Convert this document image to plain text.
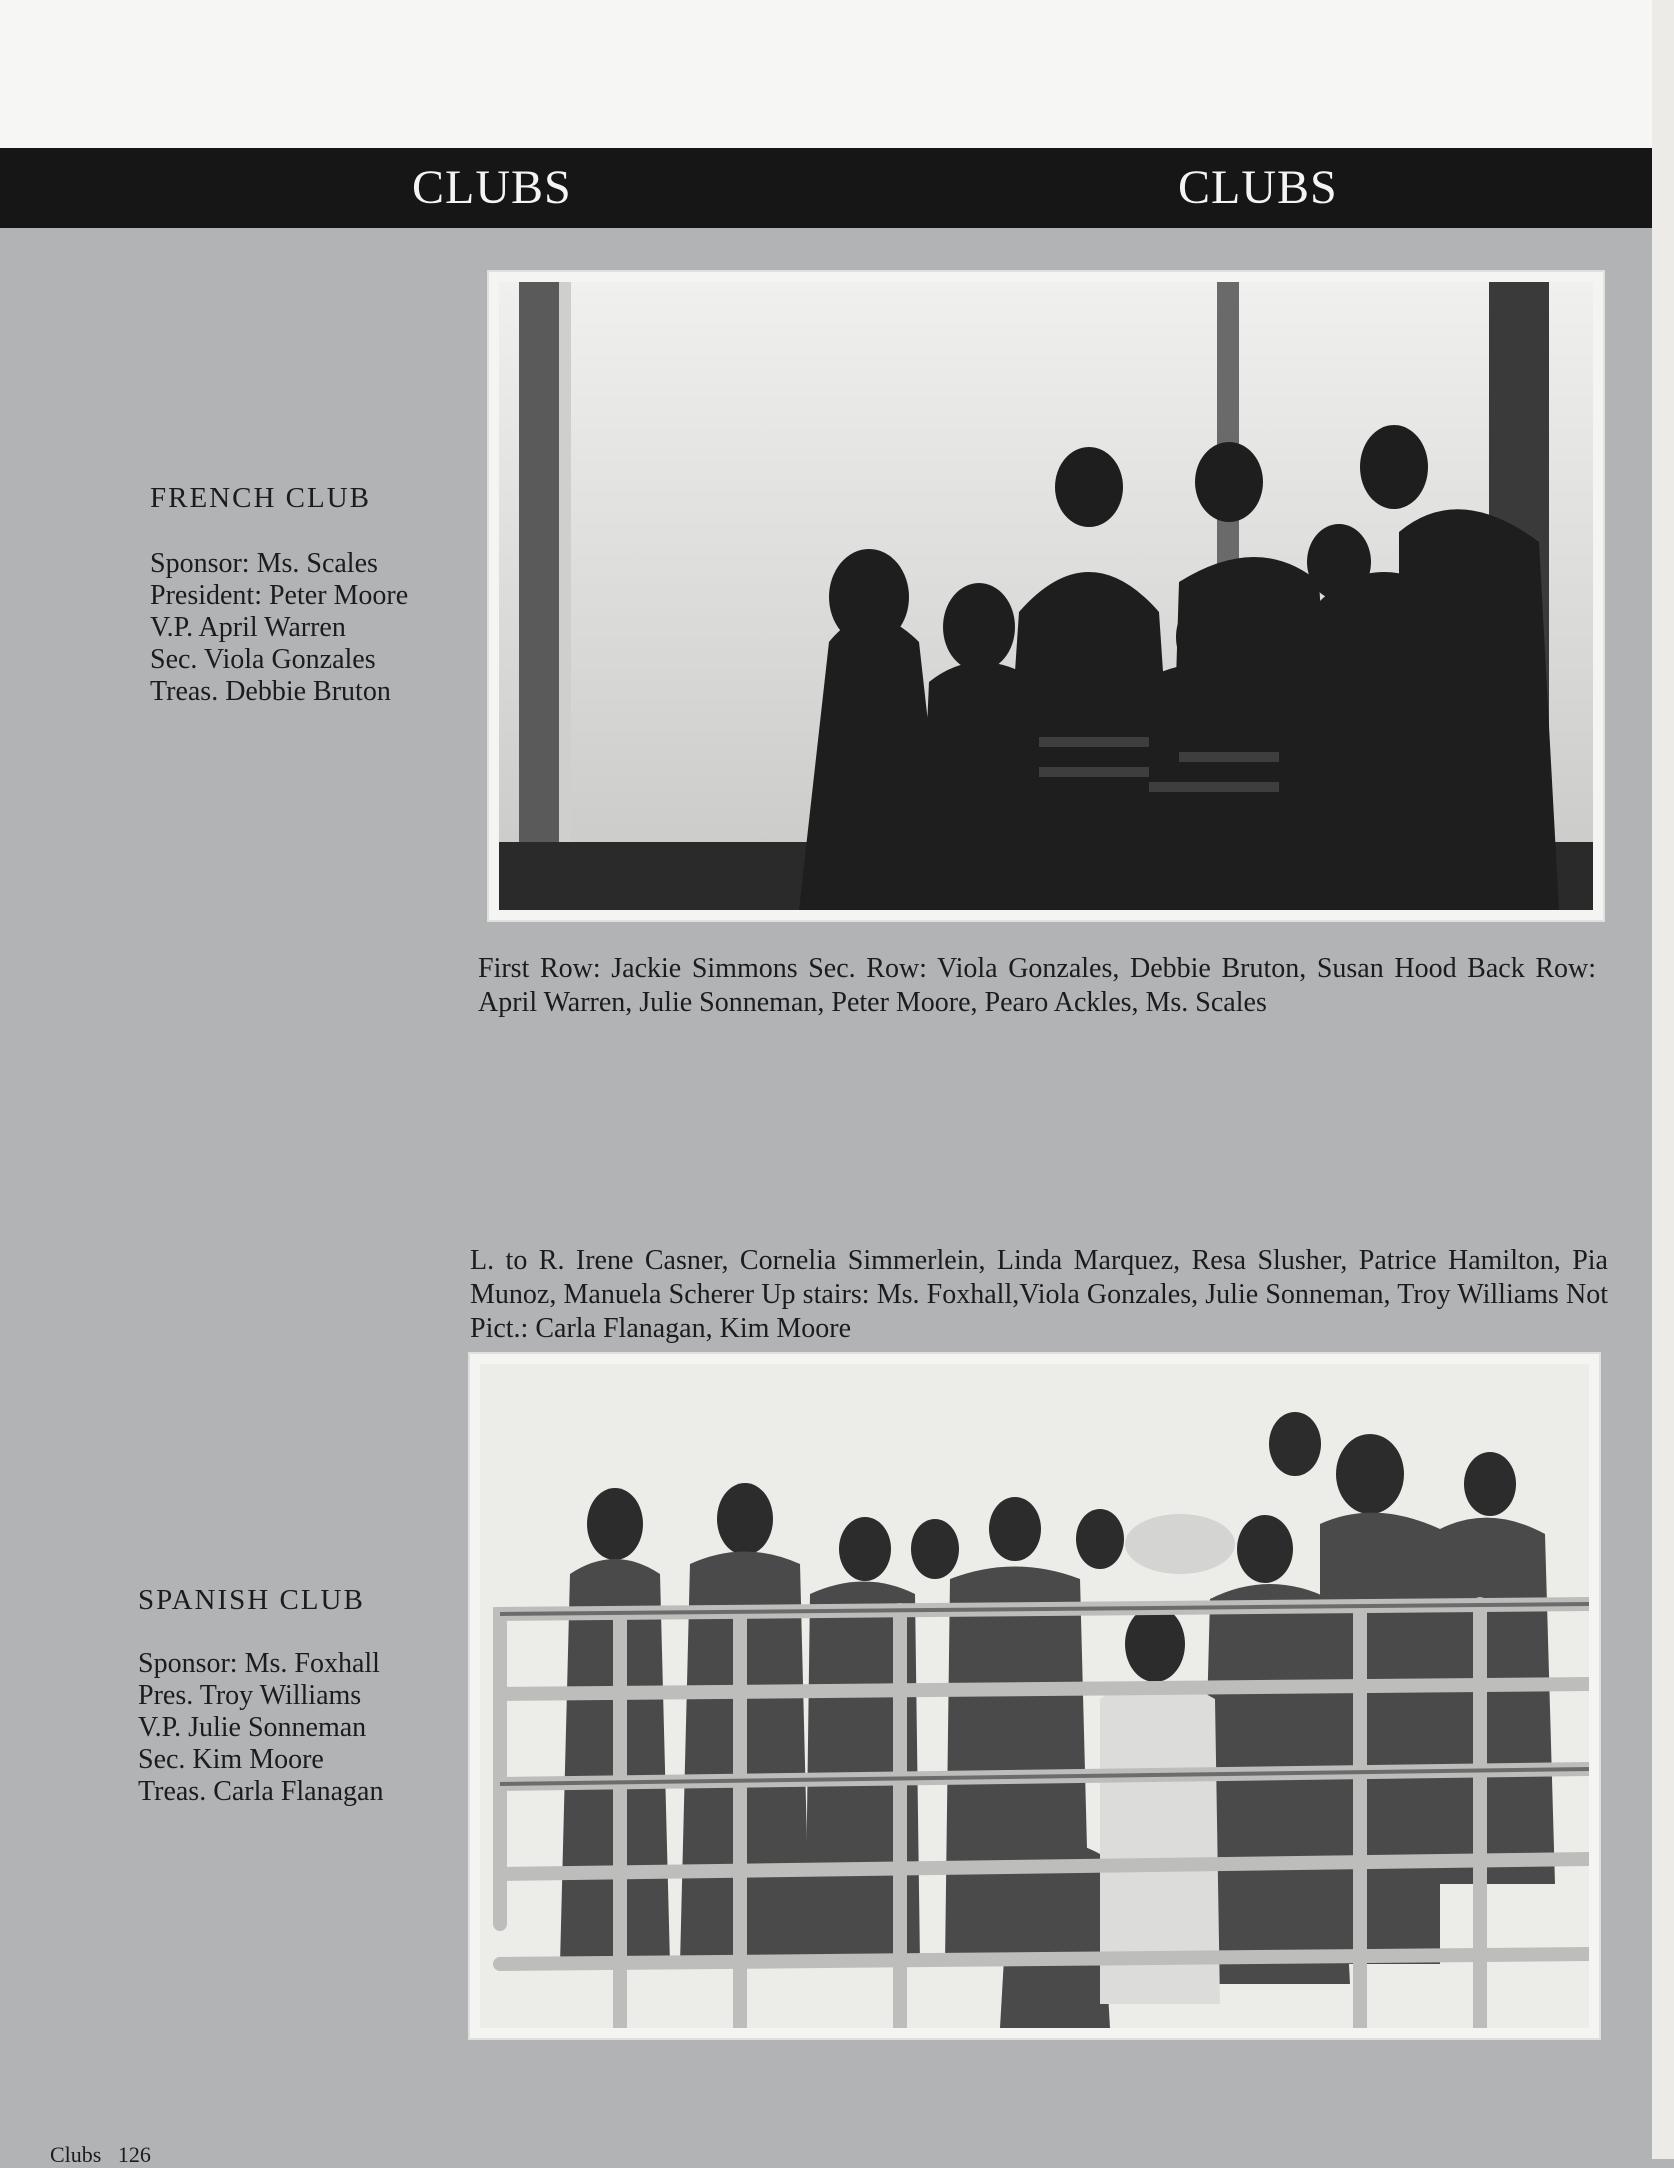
CLUBS	CLUBS
FRENCH CLUB
Sponsor: Ms. Scales
President: Peter Moore
V.P. April Warren
Sec. Viola Gonzales
Treas. Debbie Bruton
First Row: Jackie Simmons Sec. Row: Viola Gonzales, Debbie Bruton, Susan Hood Back Row: April Warren, Julie Sonneman, Peter Moore, Pearo Ackles, Ms. Scales
L. to R. Irene Casner, Cornelia Simmerlein, Linda Marquez, Resa Slusher, Patrice Hamilton, Pia Munoz, Manuela Scherer Up stairs: Ms. Foxhall,Viola Gonzales, Julie Sonneman, Troy Williams Not Pict.: Carla Flanagan, Kim Moore
SPANISH CLUB
Sponsor: Ms. Foxhall
Pres. Troy Williams
V.P. Julie Sonneman
Sec. Kim Moore
Treas. Carla Flanagan
Clubs 126
